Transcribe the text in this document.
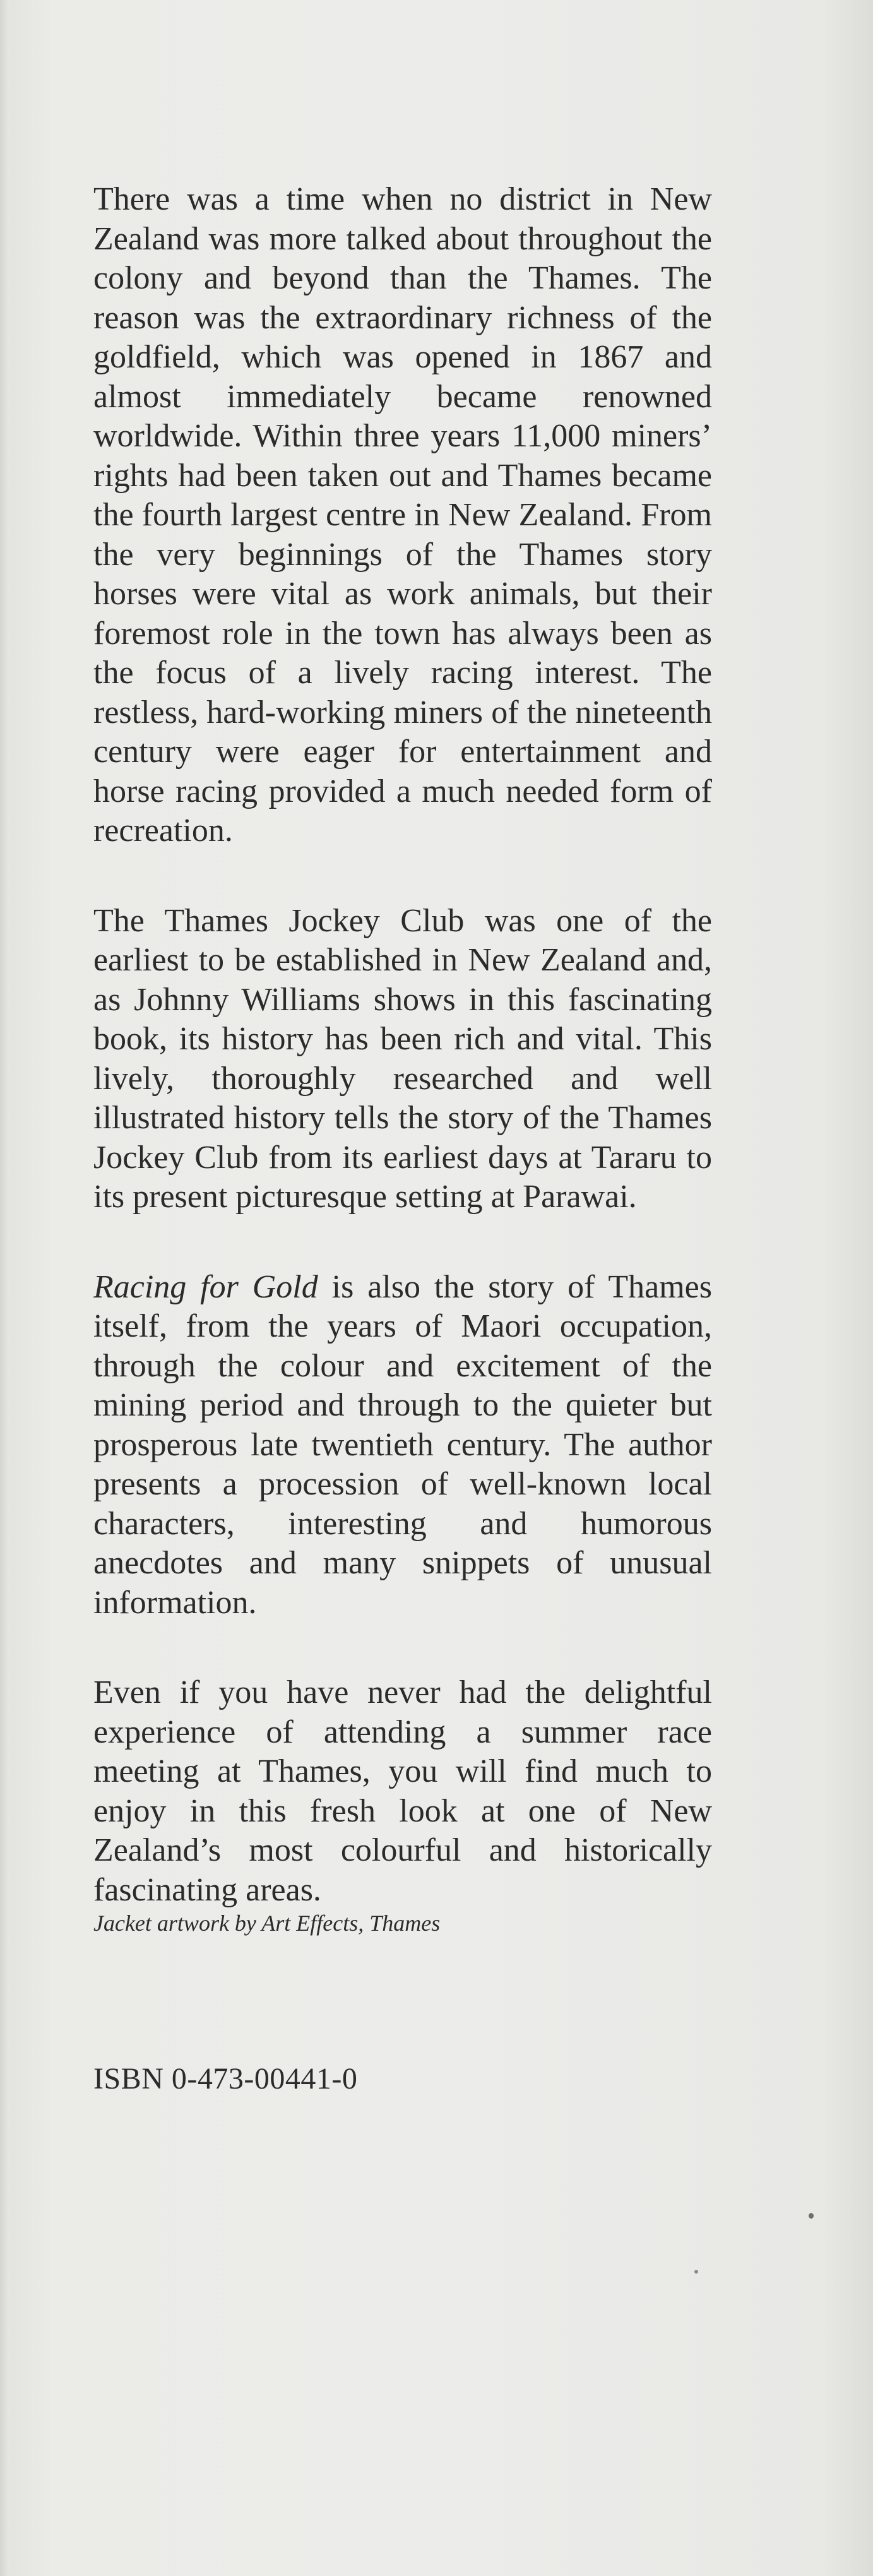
There was a time when no district in New Zealand was more talked about throughout the colony and beyond than the Thames. The reason was the extraordinary richness of the goldfield, which was opened in 1867 and almost immediately became renowned worldwide. Within three years 11,000 miners’ rights had been taken out and Thames became the fourth largest centre in New Zealand. From the very beginnings of the Thames story horses were vital as work animals, but their foremost role in the town has always been as the focus of a lively racing interest. The restless, hard-working miners of the nineteenth century were eager for entertainment and horse racing provided a much needed form of recreation.

The Thames Jockey Club was one of the earliest to be established in New Zealand and, as Johnny Williams shows in this fascinating book, its history has been rich and vital. This lively, thoroughly researched and well illustrated history tells the story of the Thames Jockey Club from its earliest days at Tararu to its present picturesque setting at Parawai.

Racing for Gold is also the story of Thames itself, from the years of Maori occupation, through the colour and excitement of the mining period and through to the quieter but prosperous late twentieth century. The author presents a procession of well-known local characters, interesting and humorous anecdotes and many snippets of unusual information.

Even if you have never had the delightful experience of attending a summer race meeting at Thames, you will find much to enjoy in this fresh look at one of New Zealand’s most colourful and historically fascinating areas.

Jacket artwork by Art Effects, Thames

ISBN 0-473-00441-0
